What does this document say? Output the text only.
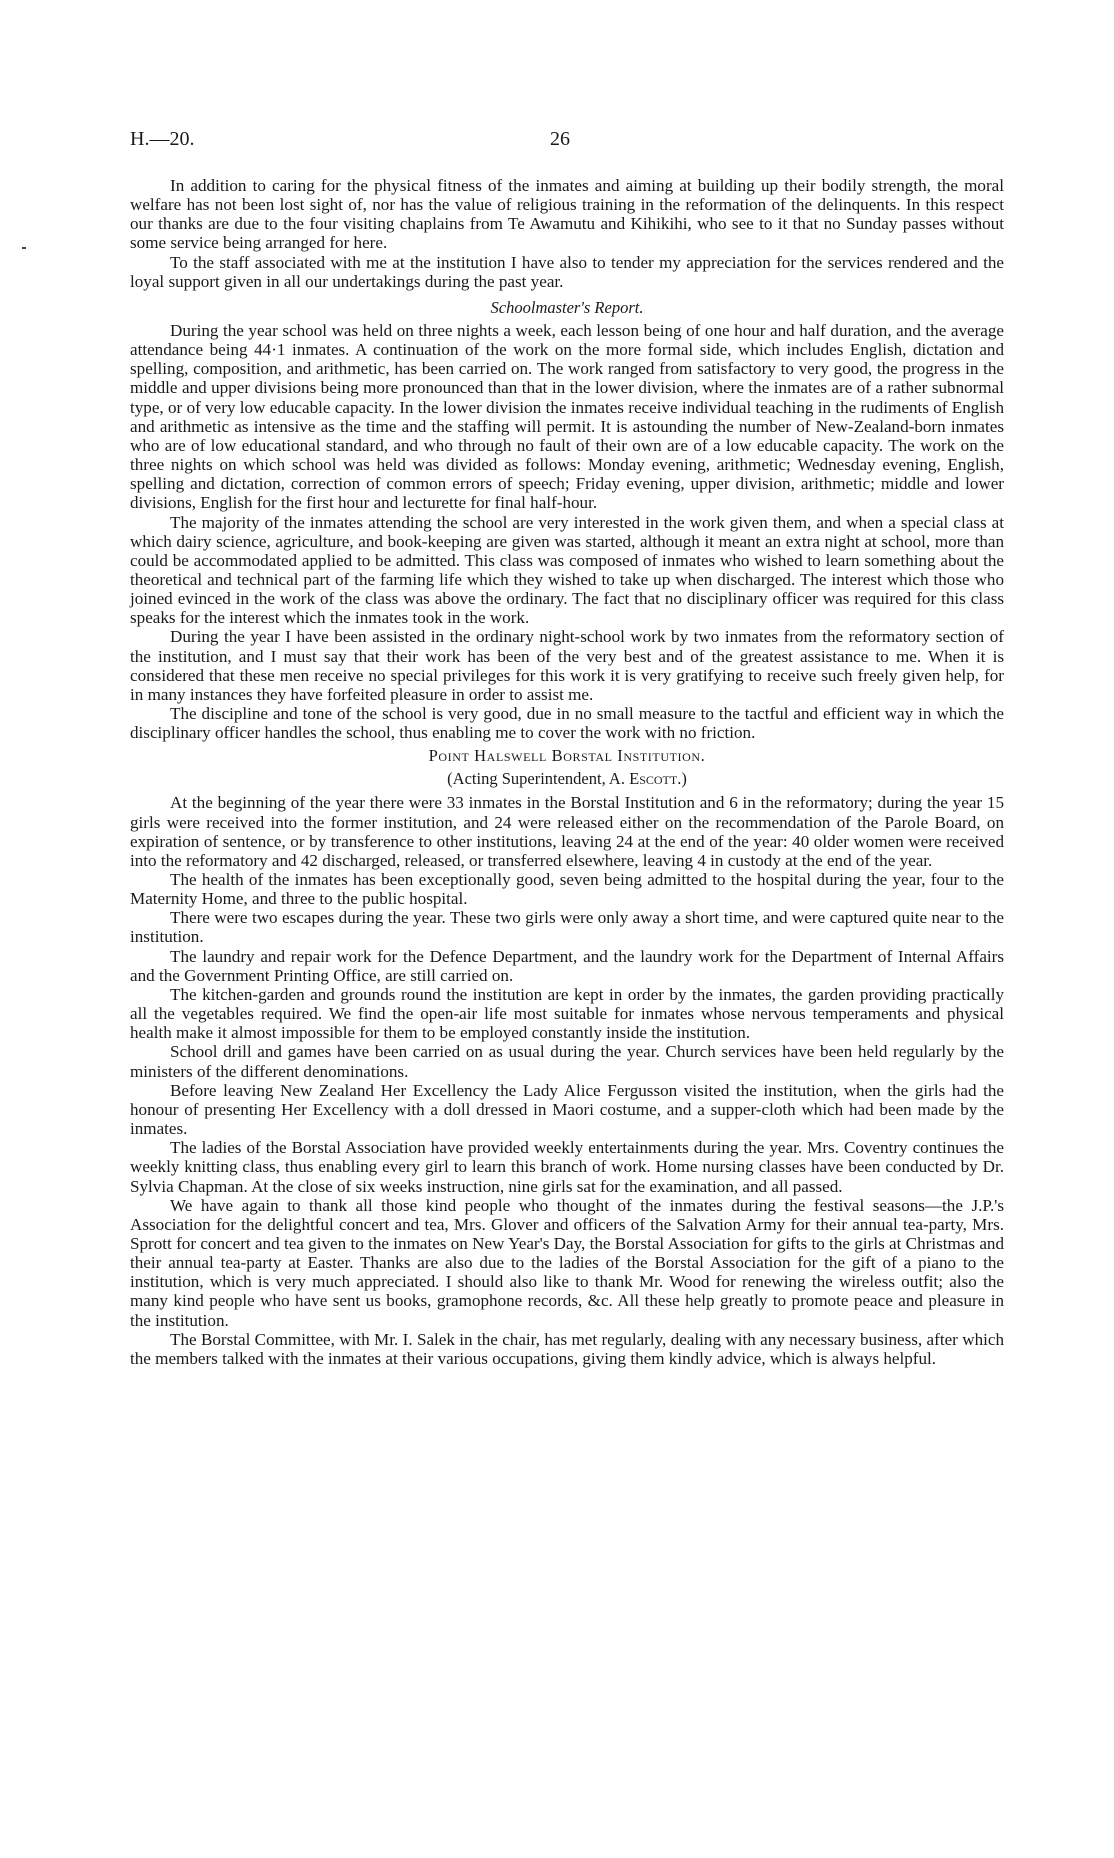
H.—20.	26

In addition to caring for the physical fitness of the inmates and aiming at building up their bodily strength, the moral welfare has not been lost sight of, nor has the value of religious training in the reformation of the delinquents. In this respect our thanks are due to the four visiting chaplains from Te Awamutu and Kihikihi, who see to it that no Sunday passes without some service being arranged for here.

To the staff associated with me at the institution I have also to tender my appreciation for the services rendered and the loyal support given in all our undertakings during the past year.

Schoolmaster's Report.

During the year school was held on three nights a week, each lesson being of one hour and half duration, and the average attendance being 44·1 inmates. A continuation of the work on the more formal side, which includes English, dictation and spelling, composition, and arithmetic, has been carried on. The work ranged from satisfactory to very good, the progress in the middle and upper divisions being more pronounced than that in the lower division, where the inmates are of a rather subnormal type, or of very low educable capacity. In the lower division the inmates receive individual teaching in the rudiments of English and arithmetic as intensive as the time and the staffing will permit. It is astounding the number of New-Zealand-born inmates who are of low educational standard, and who through no fault of their own are of a low educable capacity. The work on the three nights on which school was held was divided as follows: Monday evening, arithmetic; Wednesday evening, English, spelling and dictation, correction of common errors of speech; Friday evening, upper division, arithmetic; middle and lower divisions, English for the first hour and lecturette for final half-hour.

The majority of the inmates attending the school are very interested in the work given them, and when a special class at which dairy science, agriculture, and book-keeping are given was started, although it meant an extra night at school, more than could be accommodated applied to be admitted. This class was composed of inmates who wished to learn something about the theoretical and technical part of the farming life which they wished to take up when discharged. The interest which those who joined evinced in the work of the class was above the ordinary. The fact that no disciplinary officer was required for this class speaks for the interest which the inmates took in the work.

During the year I have been assisted in the ordinary night-school work by two inmates from the reformatory section of the institution, and I must say that their work has been of the very best and of the greatest assistance to me. When it is considered that these men receive no special privileges for this work it is very gratifying to receive such freely given help, for in many instances they have forfeited pleasure in order to assist me.

The discipline and tone of the school is very good, due in no small measure to the tactful and efficient way in which the disciplinary officer handles the school, thus enabling me to cover the work with no friction.

Point Halswell Borstal Institution.
(Acting Superintendent, A. Escott.)

At the beginning of the year there were 33 inmates in the Borstal Institution and 6 in the reformatory; during the year 15 girls were received into the former institution, and 24 were released either on the recommendation of the Parole Board, on expiration of sentence, or by transference to other institutions, leaving 24 at the end of the year: 40 older women were received into the reformatory and 42 discharged, released, or transferred elsewhere, leaving 4 in custody at the end of the year.

The health of the inmates has been exceptionally good, seven being admitted to the hospital during the year, four to the Maternity Home, and three to the public hospital.

There were two escapes during the year. These two girls were only away a short time, and were captured quite near to the institution.

The laundry and repair work for the Defence Department, and the laundry work for the Department of Internal Affairs and the Government Printing Office, are still carried on.

The kitchen-garden and grounds round the institution are kept in order by the inmates, the garden providing practically all the vegetables required. We find the open-air life most suitable for inmates whose nervous temperaments and physical health make it almost impossible for them to be employed constantly inside the institution.

School drill and games have been carried on as usual during the year. Church services have been held regularly by the ministers of the different denominations.

Before leaving New Zealand Her Excellency the Lady Alice Fergusson visited the institution, when the girls had the honour of presenting Her Excellency with a doll dressed in Maori costume, and a supper-cloth which had been made by the inmates.

The ladies of the Borstal Association have provided weekly entertainments during the year. Mrs. Coventry continues the weekly knitting class, thus enabling every girl to learn this branch of work. Home nursing classes have been conducted by Dr. Sylvia Chapman. At the close of six weeks instruction, nine girls sat for the examination, and all passed.

We have again to thank all those kind people who thought of the inmates during the festival seasons—the J.P.'s Association for the delightful concert and tea, Mrs. Glover and officers of the Salvation Army for their annual tea-party, Mrs. Sprott for concert and tea given to the inmates on New Year's Day, the Borstal Association for gifts to the girls at Christmas and their annual tea-party at Easter. Thanks are also due to the ladies of the Borstal Association for the gift of a piano to the institution, which is very much appreciated. I should also like to thank Mr. Wood for renewing the wireless outfit; also the many kind people who have sent us books, gramophone records, &c. All these help greatly to promote peace and pleasure in the institution.

The Borstal Committee, with Mr. I. Salek in the chair, has met regularly, dealing with any necessary business, after which the members talked with the inmates at their various occupations, giving them kindly advice, which is always helpful.
